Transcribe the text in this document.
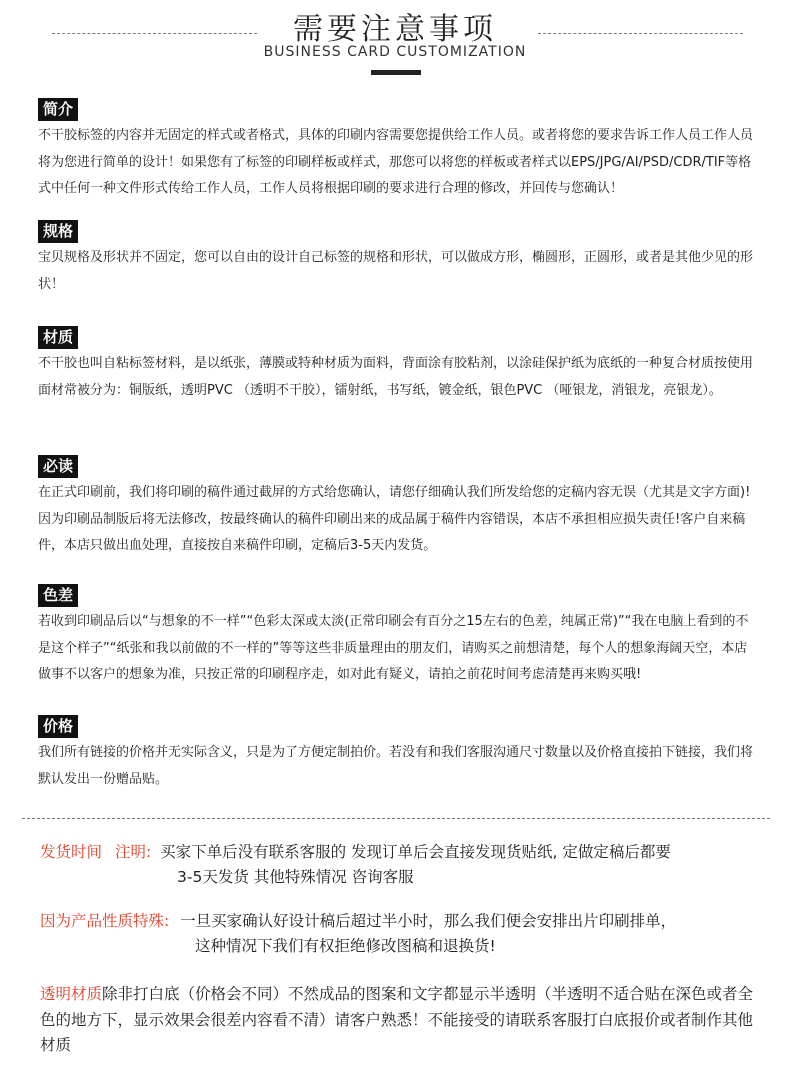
需要注意事项
BUSINESS CARD CUSTOMIZATION
简介

不干胶标签的内容并无固定的样式或者格式，具体的印刷内容需要您提供给工作人员。或者将您的要求告诉工作人员工作人员将为您进行简单的设计！如果您有了标签的印刷样板或样式，那您可以将您的样板或者样式以EPS/JPG/AI/PSD/CDR/TIF等格式中任何一种文件形式传给工作人员，工作人员将根据印刷的要求进行合理的修改，并回传与您确认！

规格

宝贝规格及形状并不固定，您可以自由的设计自己标签的规格和形状，可以做成方形，椭圆形，正圆形，或者是其他少见的形状！

材质

不干胶也叫自粘标签材料，是以纸张，薄膜或特种材质为面料，背面涂有胶粘剂，以涂硅保护纸为底纸的一种复合材质按使用面材常被分为：铜版纸，透明PVC （透明不干胶），镭射纸，书写纸，镀金纸，银色PVC （哑银龙，消银龙，亮银龙）。

必读

在正式印刷前，我们将印刷的稿件通过截屏的方式给您确认，请您仔细确认我们所发给您的定稿内容无误（尤其是文字方面)! 因为印刷品制版后将无法修改，按最终确认的稿件印刷出来的成品属于稿件内容错误，本店不承担相应损失责任!客户自来稿件，本店只做出血处理，直接按自来稿件印刷，定稿后3-5天内发货。

色差

若收到印刷品后以“与想象的不一样”“色彩太深或太淡(正常印刷会有百分之15左右的色差，纯属正常)”“我在电脑上看到的不是这个样子”“纸张和我以前做的不一样的”等等这些非质量理由的朋友们，请购买之前想清楚，每个人的想象海阔天空，本店做事不以客户的想象为准，只按正常的印刷程序走，如对此有疑义，请拍之前花时间考虑清楚再来购买哦!

价格

我们所有链接的价格并无实际含义，只是为了方便定制拍价。若没有和我们客服沟通尺寸数量以及价格直接拍下链接，我们将默认发出一份赠品贴。

发货时间 注明: 买家下单后没有联系客服的 发现订单后会直接发现货贴纸, 定做定稿后都要
3-5天发货 其他特殊情况 咨询客服
因为产品性质特殊: 一旦买家确认好设计稿后超过半小时，那么我们便会安排出片印刷排单，
这种情况下我们有权拒绝修改图稿和退换货!
透明材质除非打白底（价格会不同）不然成品的图案和文字都显示半透明（半透明不适合贴在深色或者全色的地方下，显示效果会很差内容看不清）请客户熟悉！不能接受的请联系客服打白底报价或者制作其他材质
